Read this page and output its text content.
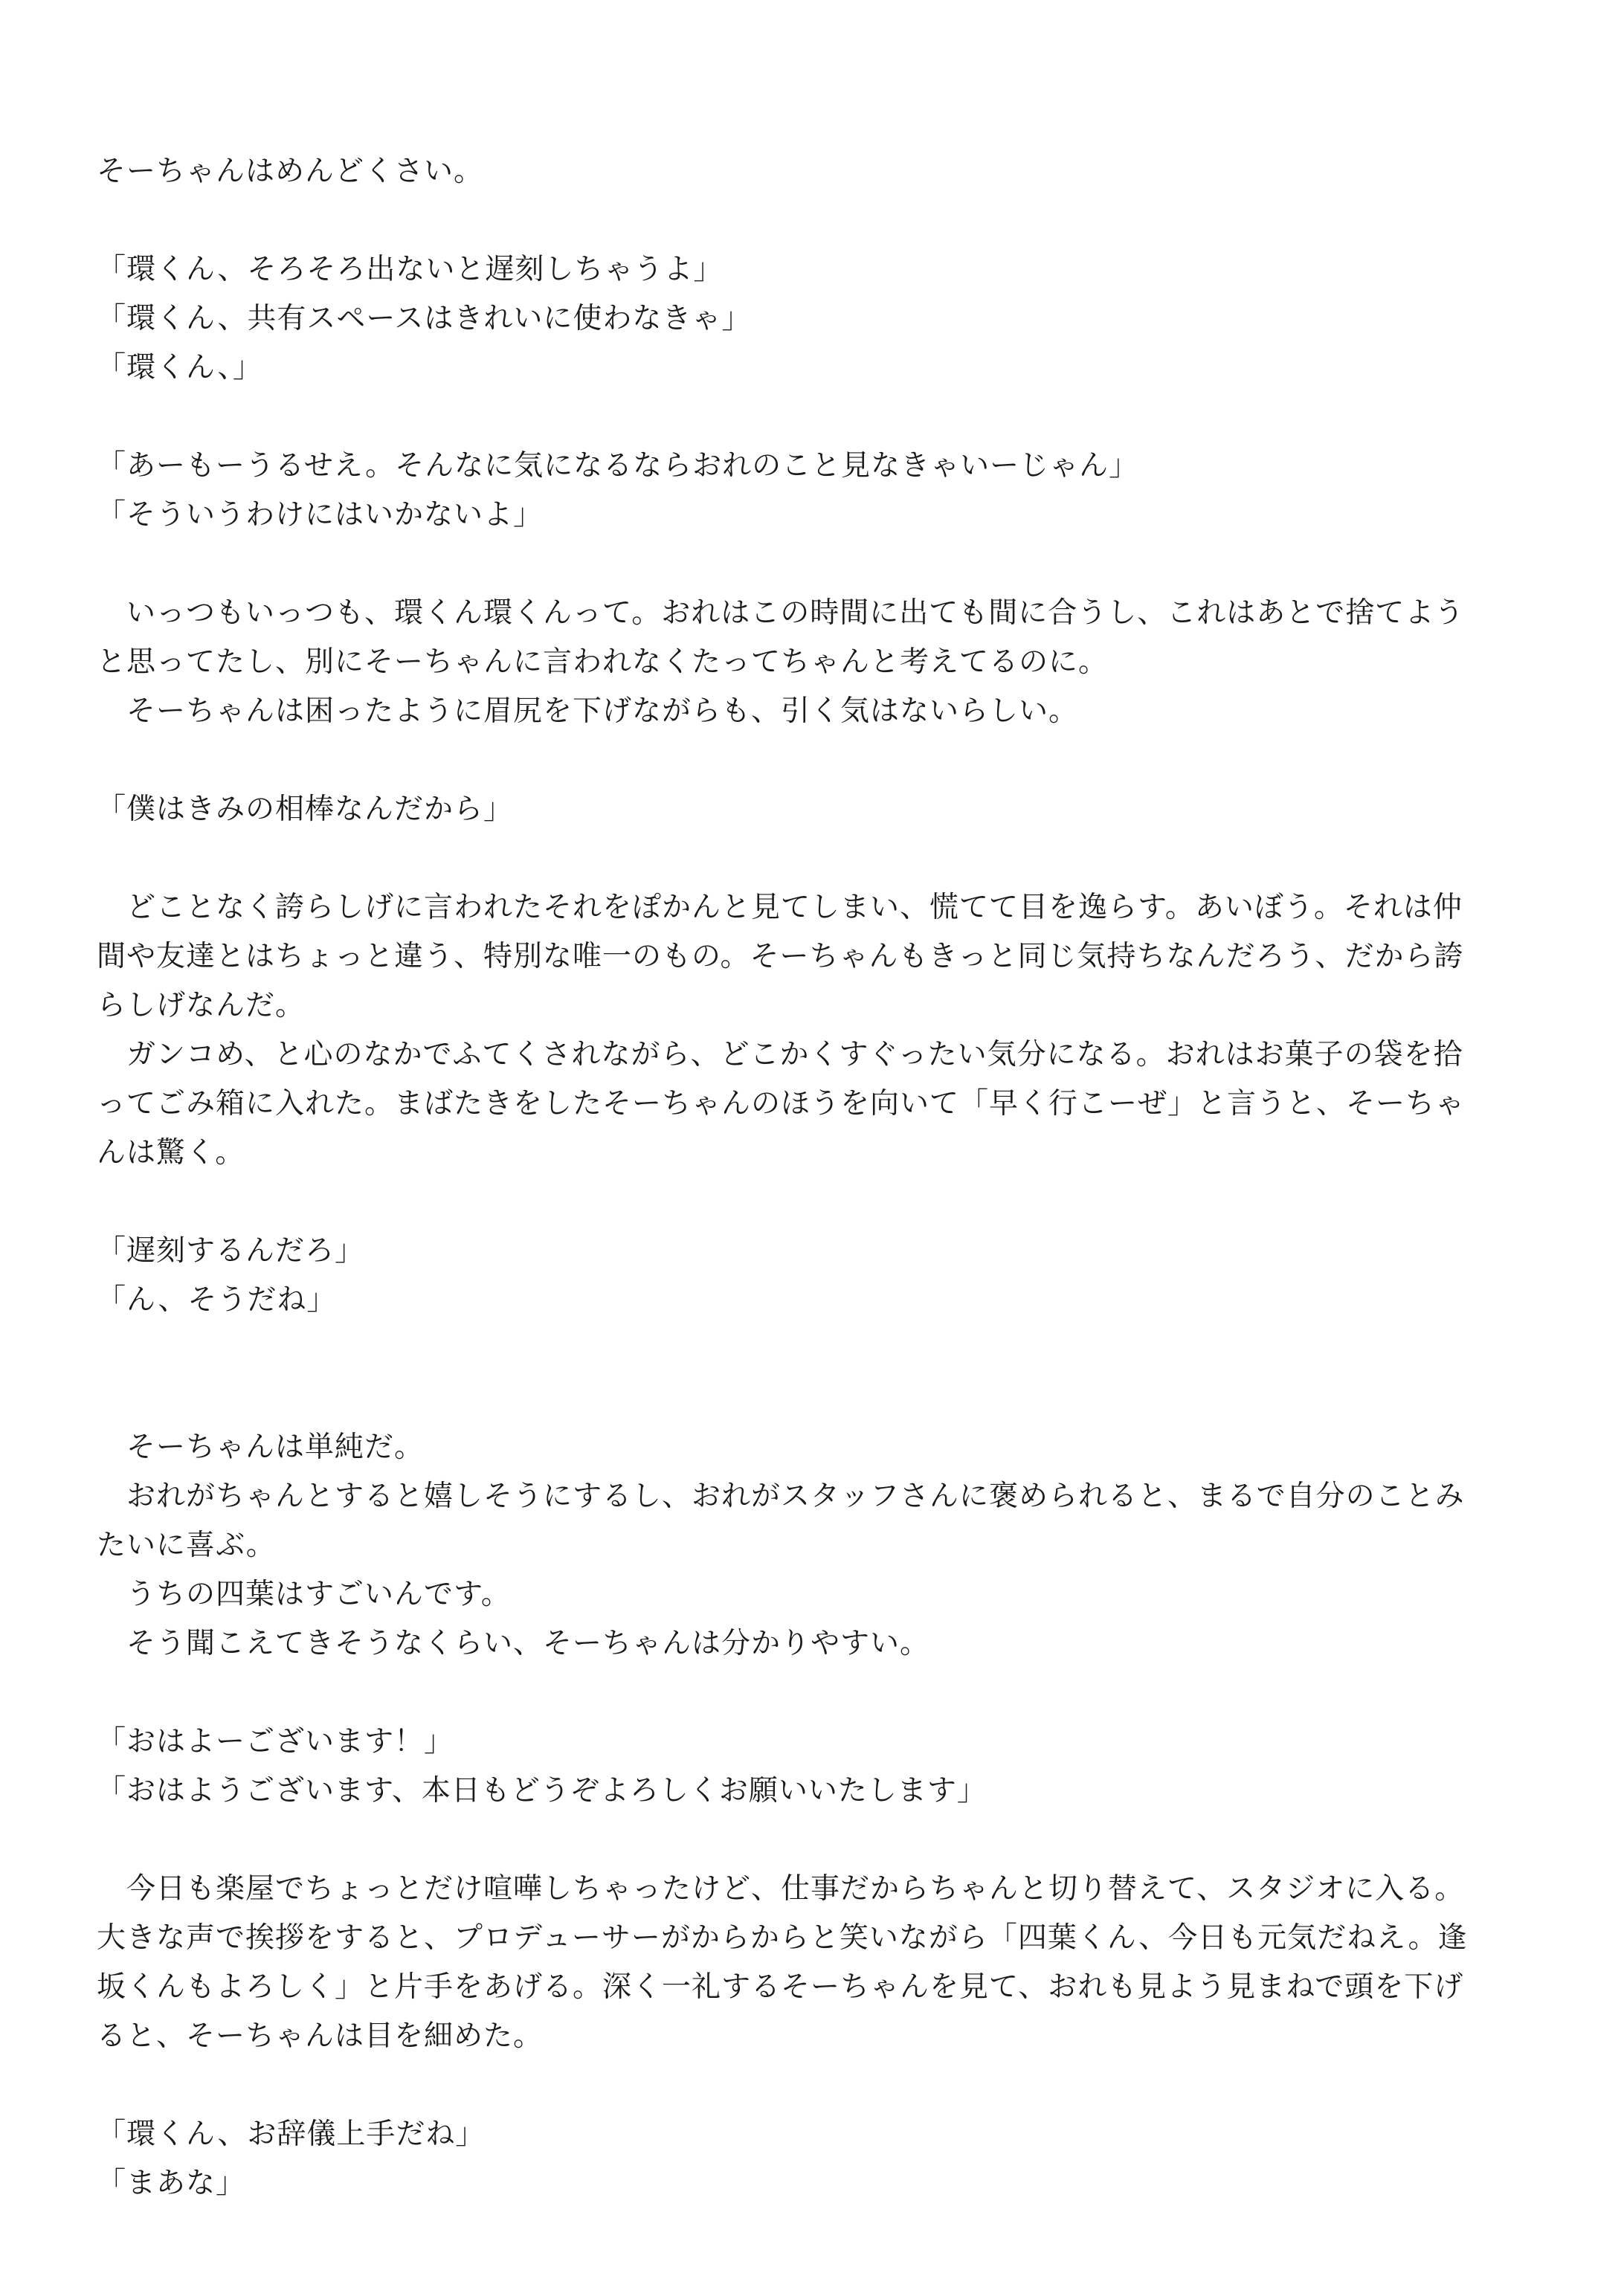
そーちゃんはめんどくさい。
「環くん、そろそろ出ないと遅刻しちゃうよ」
「環くん、共有スペースはきれいに使わなきゃ」
「環くん、」
「あーもーうるせえ。そんなに気になるならおれのこと見なきゃいーじゃん」
「そういうわけにはいかないよ」
　いっつもいっつも、環くん環くんって。おれはこの時間に出ても間に合うし、これはあとで捨てよう
と思ってたし、別にそーちゃんに言われなくたってちゃんと考えてるのに。
　そーちゃんは困ったように眉尻を下げながらも、引く気はないらしい。
「僕はきみの相棒なんだから」
　どことなく誇らしげに言われたそれをぽかんと見てしまい、慌てて目を逸らす。あいぼう。それは仲
間や友達とはちょっと違う、特別な唯一のもの。そーちゃんもきっと同じ気持ちなんだろう、だから誇
らしげなんだ。
　ガンコめ、と心のなかでふてくされながら、どこかくすぐったい気分になる。おれはお菓子の袋を拾
ってごみ箱に入れた。まばたきをしたそーちゃんのほうを向いて「早く行こーぜ」と言うと、そーちゃ
んは驚く。
「遅刻するんだろ」
「ん、そうだね」
　そーちゃんは単純だ。
　おれがちゃんとすると嬉しそうにするし、おれがスタッフさんに褒められると、まるで自分のことみ
たいに喜ぶ。
　うちの四葉はすごいんです。
　そう聞こえてきそうなくらい、そーちゃんは分かりやすい。
「おはよーございます！」
「おはようございます、本日もどうぞよろしくお願いいたします」
　今日も楽屋でちょっとだけ喧嘩しちゃったけど、仕事だからちゃんと切り替えて、スタジオに入る。
大きな声で挨拶をすると、プロデューサーがからからと笑いながら「四葉くん、今日も元気だねえ。逢
坂くんもよろしく」と片手をあげる。深く一礼するそーちゃんを見て、おれも見よう見まねで頭を下げ
ると、そーちゃんは目を細めた。
「環くん、お辞儀上手だね」
「まあな」
